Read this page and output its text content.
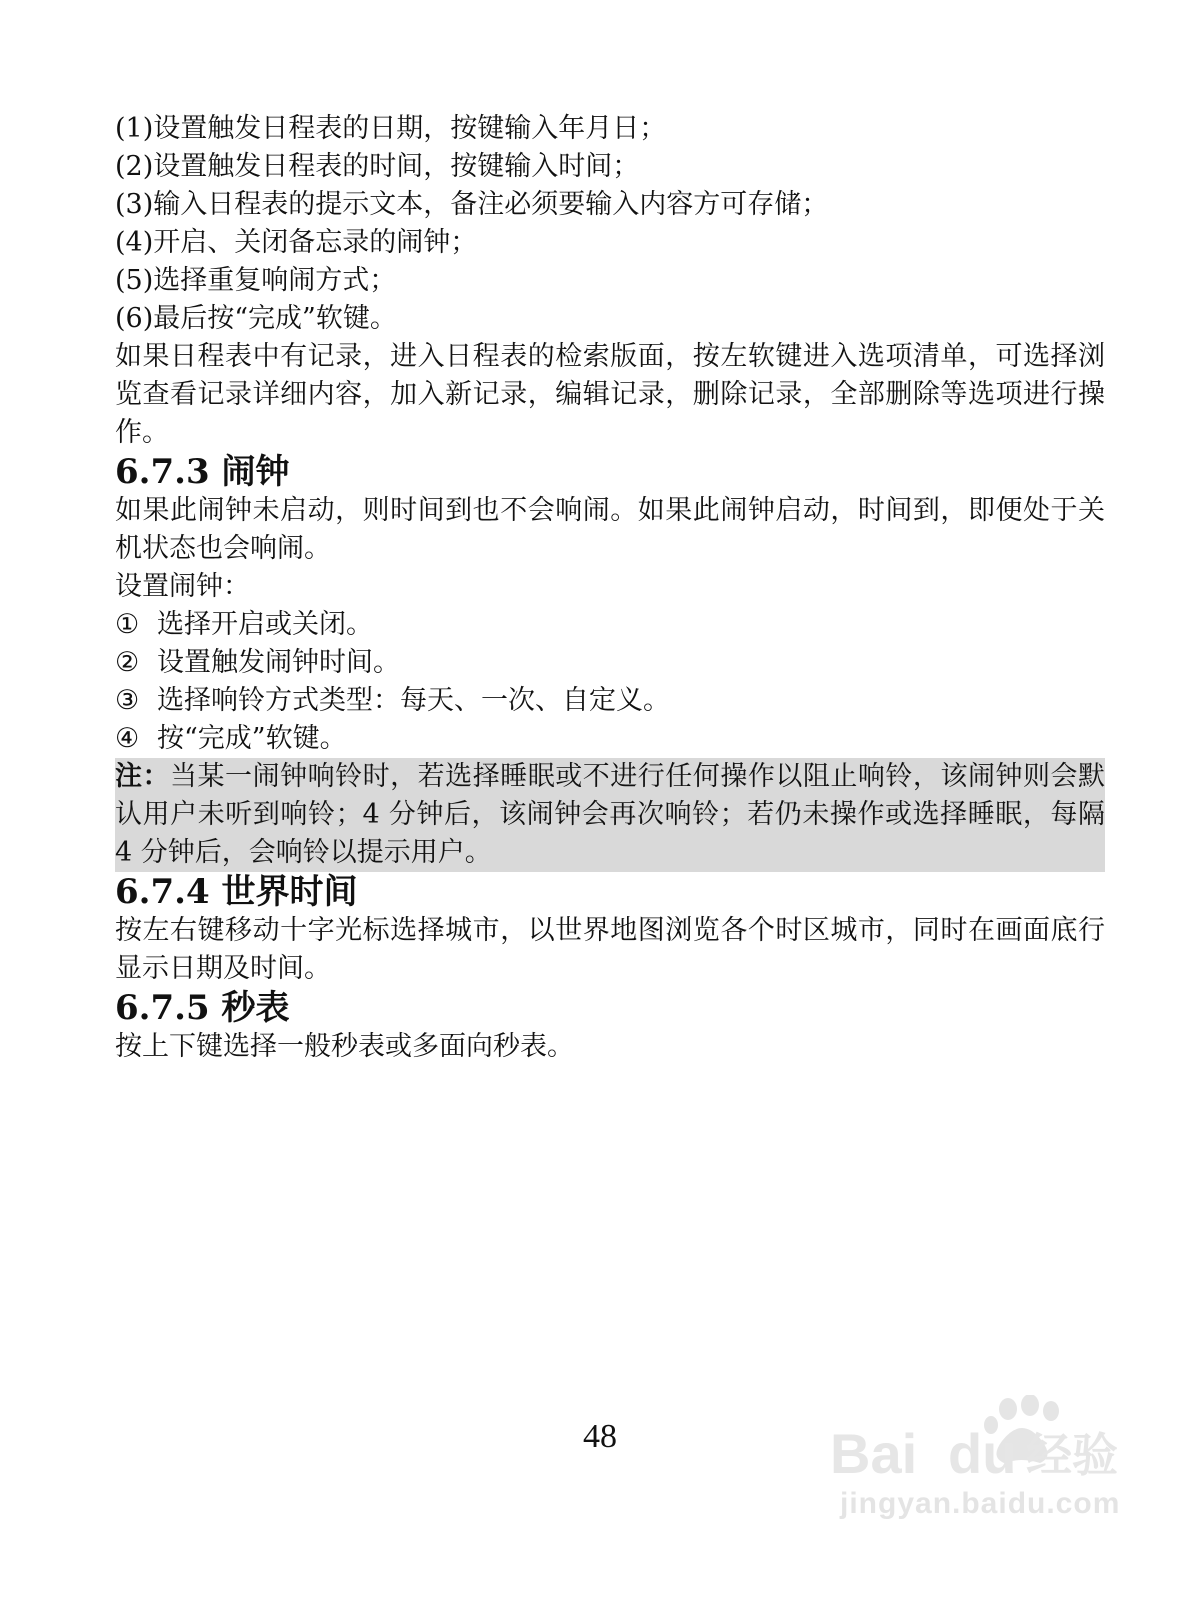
(1)设置触发日程表的日期，按键输入年月日；
(2)设置触发日程表的时间，按键输入时间；
(3)输入日程表的提示文本，备注必须要输入内容方可存储；
(4)开启、关闭备忘录的闹钟；
(5)选择重复响闹方式；
(6)最后按“完成”软键。
如果日程表中有记录，进入日程表的检索版面，按左软键进入选项清单，可选择浏览查看记录详细内容，加入新记录，编辑记录，删除记录，全部删除等选项进行操作。
6.7.3 闹钟
如果此闹钟未启动，则时间到也不会响闹。如果此闹钟启动，时间到，即便处于关机状态也会响闹。
设置闹钟：
① 选择开启或关闭。
② 设置触发闹钟时间。
③ 选择响铃方式类型：每天、一次、自定义。
④ 按“完成”软键。
注：当某一闹钟响铃时，若选择睡眠或不进行任何操作以阻止响铃，该闹钟则会默认用户未听到响铃；4 分钟后，该闹钟会再次响铃；若仍未操作或选择睡眠，每隔 4 分钟后，会响铃以提示用户。
6.7.4 世界时间
按左右键移动十字光标选择城市，以世界地图浏览各个时区城市，同时在画面底行显示日期及时间。
6.7.5 秒表
按上下键选择一般秒表或多面向秒表。
48	Bai du 经验
jingyan.baidu.com
